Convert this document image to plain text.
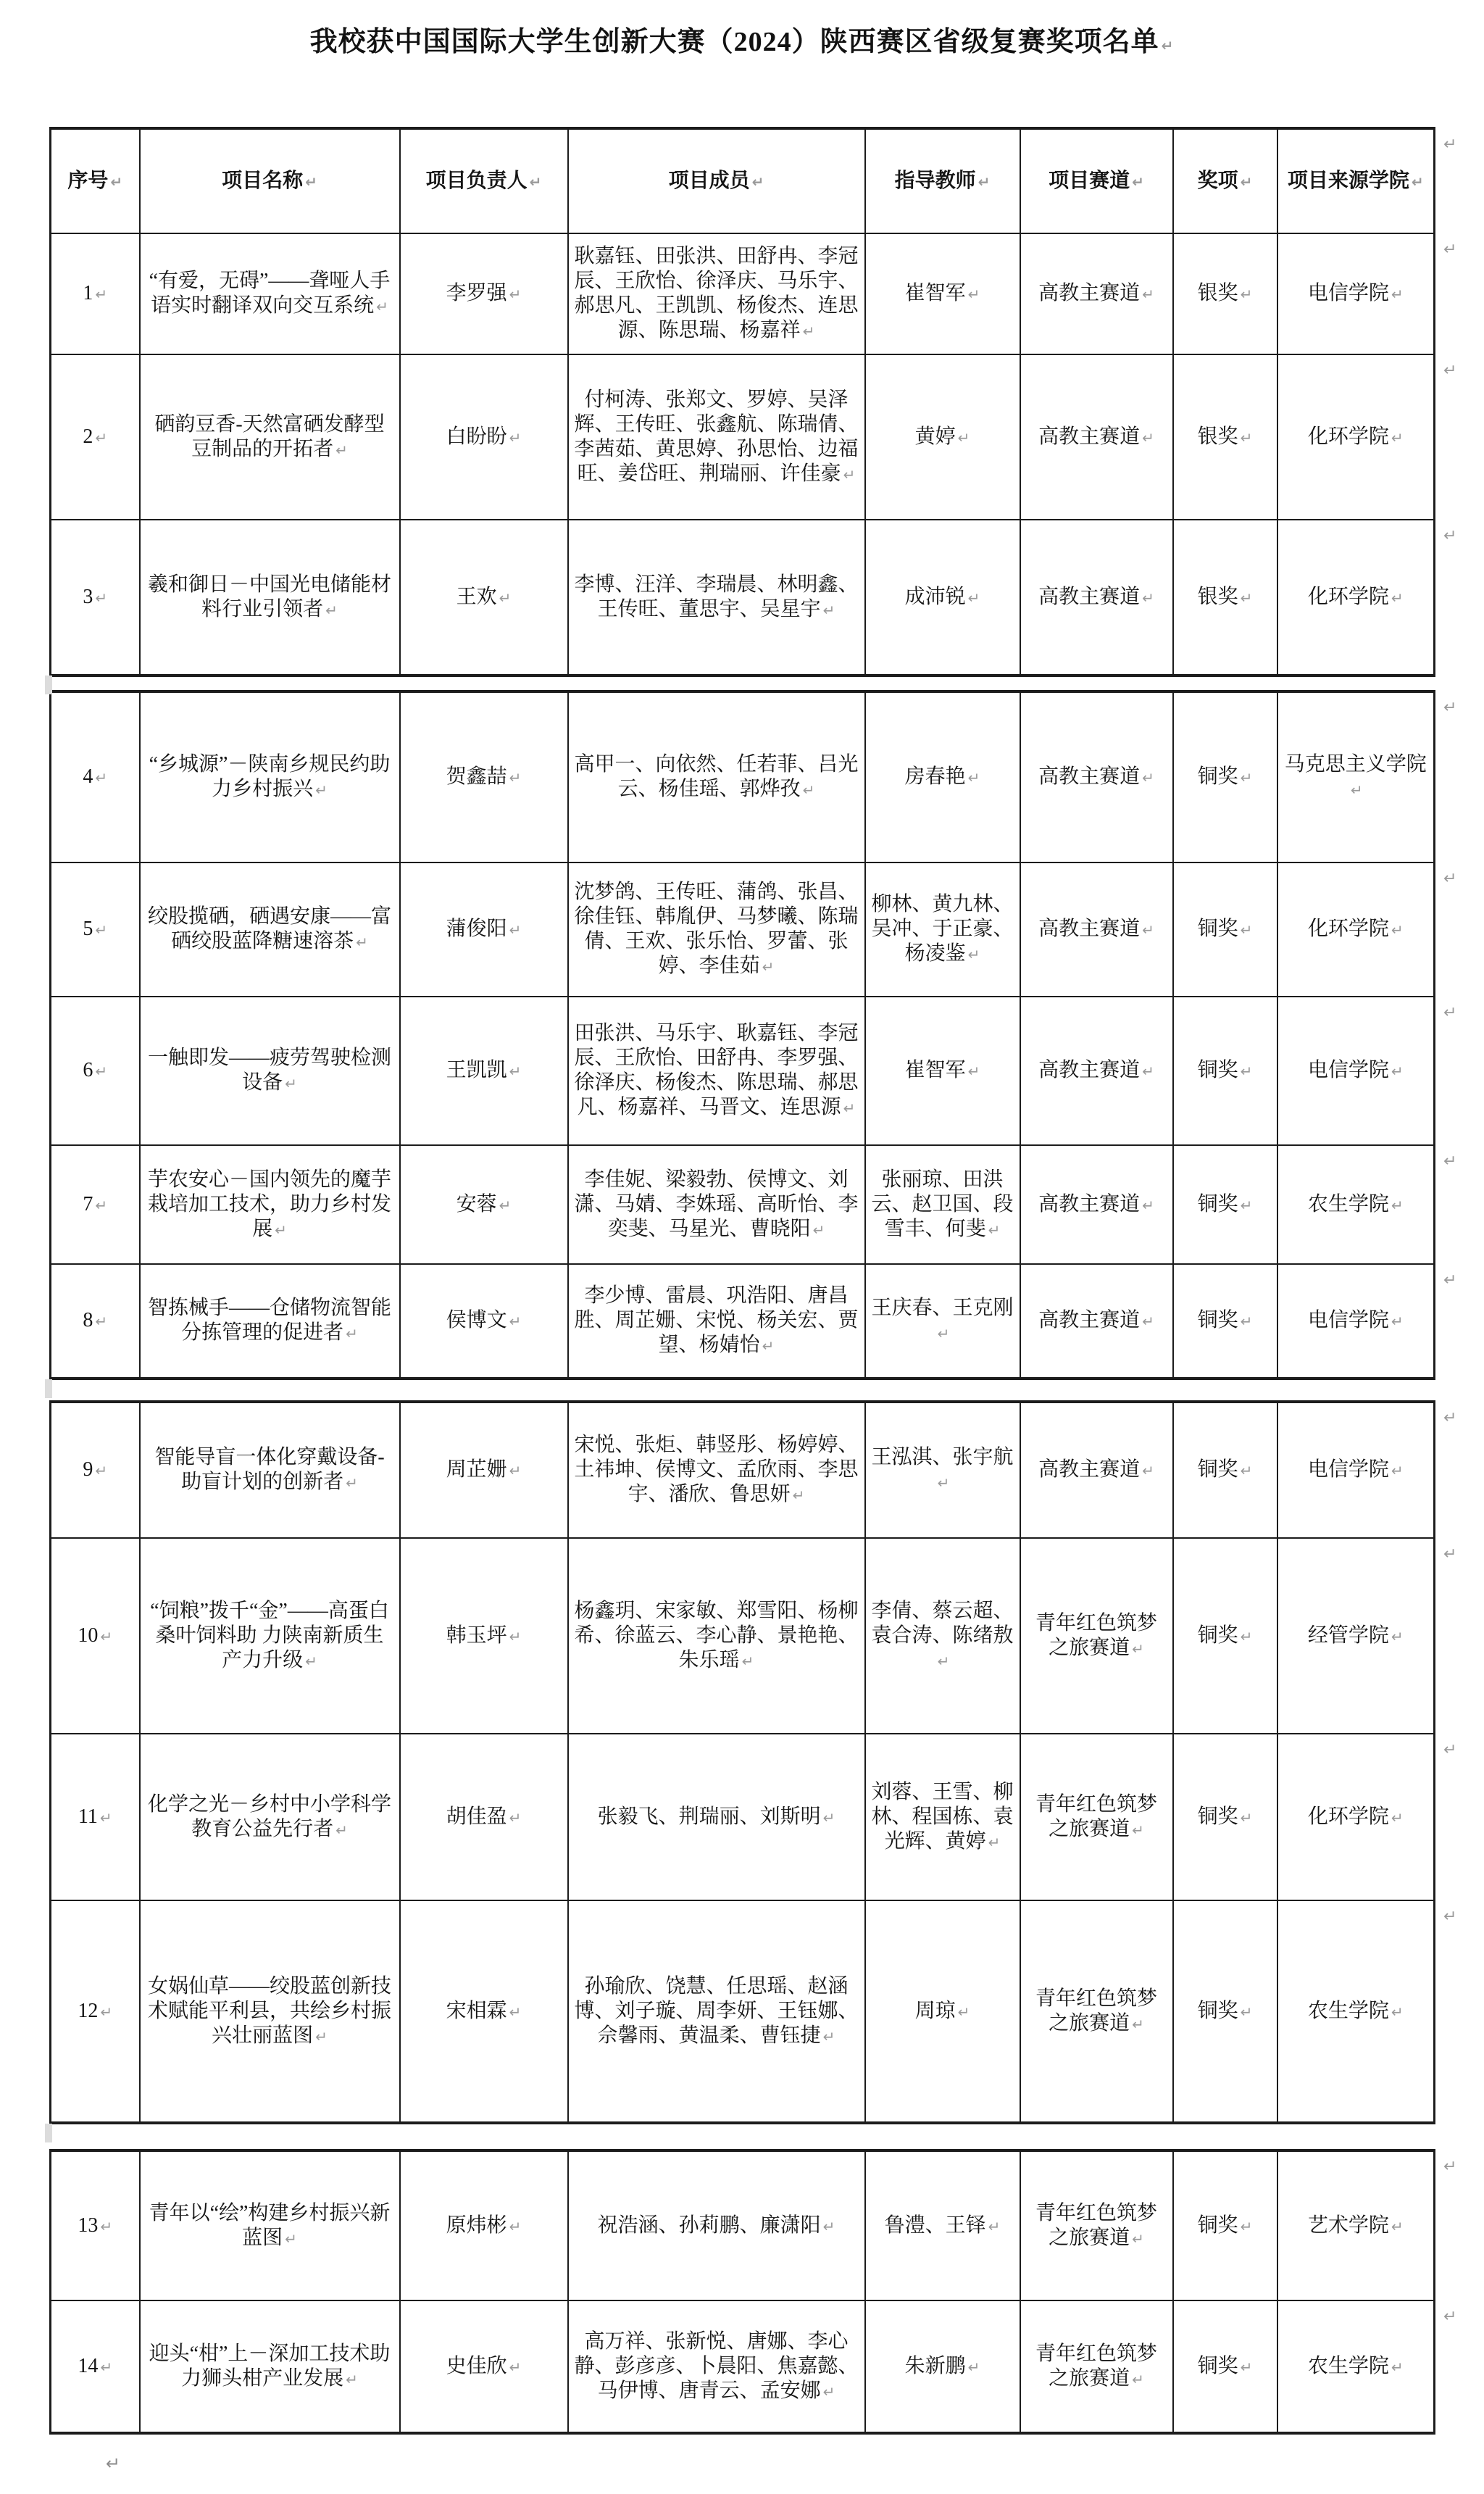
我校获中国国际大学生创新大赛（2024）陕西赛区省级复赛奖项名单 ↵
序号 ↵	项目名称 ↵	项目负责人 ↵	项目成员 ↵	指导教师 ↵	项目赛道 ↵	奖项 ↵	项目来源学院 ↵
1 ↵	“有爱，无碍”——聋哑人手语实时翻译双向交互系统 ↵	李罗强 ↵	耿嘉钰、田张洪、田舒冉、李冠辰、王欣怡、徐泽庆、马乐宇、郝思凡、王凯凯、杨俊杰、连思源、陈思瑞、杨嘉祥 ↵	崔智军 ↵	高教主赛道 ↵	银奖 ↵	电信学院 ↵
2 ↵	硒韵豆香-天然富硒发酵型豆制品的开拓者 ↵	白盼盼 ↵	付柯涛、张郑文、罗婷、吴泽辉、王传旺、张鑫航、陈瑞倩、李茜茹、黄思婷、孙思怡、边福旺、姜岱旺、荆瑞丽、许佳豪 ↵	黄婷 ↵	高教主赛道 ↵	银奖 ↵	化环学院 ↵
3 ↵	羲和御日－中国光电储能材料行业引领者 ↵	王欢 ↵	李博、汪洋、李瑞晨、林明鑫、王传旺、董思宇、吴星宇 ↵	成沛锐 ↵	高教主赛道 ↵	银奖 ↵	化环学院 ↵
4 ↵	“乡城源”－陕南乡规民约助力乡村振兴 ↵	贺鑫喆 ↵	高甲一、向依然、任若菲、吕光云、杨佳瑶、郭烨孜 ↵	房春艳 ↵	高教主赛道 ↵	铜奖 ↵	马克思主义学院↵
5 ↵	绞股揽硒，硒遇安康——富硒绞股蓝降糖速溶茶 ↵	蒲俊阳 ↵	沈梦鸽、王传旺、蒲鸽、张昌、徐佳钰、韩胤伊、马梦曦、陈瑞倩、王欢、张乐怡、罗蕾、张婷、李佳茹 ↵	柳林、黄九林、吴冲、于正豪、杨凌鉴 ↵	高教主赛道 ↵	铜奖 ↵	化环学院 ↵
6 ↵	一触即发——疲劳驾驶检测设备 ↵	王凯凯 ↵	田张洪、马乐宇、耿嘉钰、李冠辰、王欣怡、田舒冉、李罗强、徐泽庆、杨俊杰、陈思瑞、郝思凡、杨嘉祥、马晋文、连思源 ↵	崔智军 ↵	高教主赛道 ↵	铜奖 ↵	电信学院 ↵
7 ↵	芋农安心－国内领先的魔芋栽培加工技术，助力乡村发展 ↵	安蓉 ↵	李佳妮、梁毅勃、侯博文、刘潇、马婧、李姝瑶、高昕怡、李奕斐、马星光、曹晓阳 ↵	张丽琼、田洪云、赵卫国、段雪丰、何斐 ↵	高教主赛道 ↵	铜奖 ↵	农生学院 ↵
8 ↵	智拣械手——仓储物流智能分拣管理的促进者 ↵	侯博文 ↵	李少博、雷晨、巩浩阳、唐昌胜、周芷姗、宋悦、杨关宏、贾望、杨婧怡 ↵	王庆春、王克刚↵	高教主赛道 ↵	铜奖 ↵	电信学院 ↵
9 ↵	智能导盲一体化穿戴设备-助盲计划的创新者 ↵	周芷姗 ↵	宋悦、张炬、韩竖彤、杨婷婷、土祎坤、侯博文、孟欣雨、李思宇、潘欣、鲁思妍 ↵	王泓淇、张宇航↵	高教主赛道 ↵	铜奖 ↵	电信学院 ↵
10 ↵	“饲粮”拨千“金”——高蛋白桑叶饲料助 力陕南新质生产力升级 ↵	韩玉坪 ↵	杨鑫玥、宋家敏、郑雪阳、杨柳希、徐蓝云、李心静、景艳艳、朱乐瑶 ↵	李倩、蔡云超、袁合涛、陈绪敖↵	青年红色筑梦之旅赛道 ↵	铜奖 ↵	经管学院 ↵
11 ↵	化学之光－乡村中小学科学教育公益先行者 ↵	胡佳盈 ↵	张毅飞、荆瑞丽、刘斯明 ↵	刘蓉、王雪、柳林、程国栋、袁光辉、黄婷 ↵	青年红色筑梦之旅赛道 ↵	铜奖 ↵	化环学院 ↵
12 ↵	女娲仙草——绞股蓝创新技术赋能平利县，共绘乡村振兴壮丽蓝图 ↵	宋相霖 ↵	孙瑜欣、饶慧、任思瑶、赵涵博、刘子璇、周李妍、王钰娜、佘馨雨、黄温柔、曹钰捷 ↵	周琼 ↵	青年红色筑梦之旅赛道 ↵	铜奖 ↵	农生学院 ↵
13 ↵	青年以“绘”构建乡村振兴新蓝图 ↵	原炜彬 ↵	祝浩涵、孙莉鹏、廉潇阳 ↵	鲁澧、王铎 ↵	青年红色筑梦之旅赛道 ↵	铜奖 ↵	艺术学院 ↵
14 ↵	迎头“柑”上－深加工技术助力狮头柑产业发展 ↵	史佳欣 ↵	高万祥、张新悦、唐娜、李心静、彭彦彦、卜晨阳、焦嘉懿、马伊博、唐青云、孟安娜 ↵	朱新鹏 ↵	青年红色筑梦之旅赛道 ↵	铜奖 ↵	农生学院 ↵
↵
↵
↵
↵
↵
↵
↵
↵
↵
↵
↵
↵
↵
↵
↵
↵
